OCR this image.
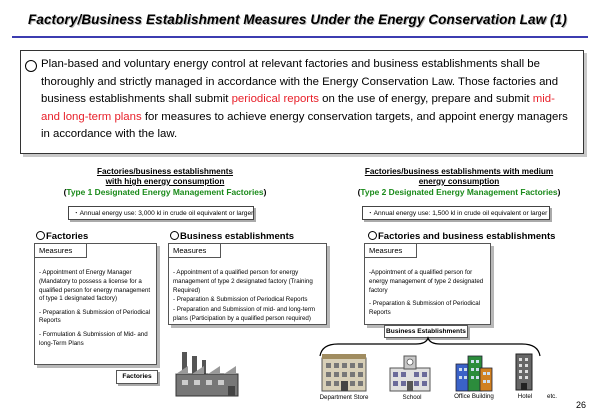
Factory/Business Establishment Measures Under the Energy Conservation Law (1)
Plan-based and voluntary energy control at relevant factories and business establishments shall be thoroughly and strictly managed in accordance with the Energy Conservation Law. Those factories and business establishments shall submit periodical reports on the use of energy, prepare and submit mid- and long-term plans for measures to achieve energy conservation targets, and appoint energy managers in accordance with the law.
Factories/business establishments
with high energy consumption
(Type 1 Designated Energy Management Factories)
・Annual energy use: 3,000 kl in crude oil equivalent or larger
Factories/business establishments with medium
energy consumption
(Type 2 Designated Energy Management Factories)
・Annual energy use: 1,500 kl in crude oil equivalent or larger
Factories
Measures

- Appointment of Energy Manager (Mandatory to possess a license for a qualified person for energy management of type 1 designated factory)

- Preparation & Submission of Periodical Reports

- Formulation & Submission of Mid- and long-Term Plans

Factories
Business establishments
Measures

- Appointment of a qualified person for energy management of type 2 designated factory (Training Required)

- Preparation & Submission of Periodical Reports

- Preparation and Submission of mid- and long-term plans (Participation by a qualified person required)

Factories and business establishments
Measures

-Appointment of a qualified person for energy management of type 2 designated factory

- Preparation & Submission of Periodical Reports

Business Establishments
Department Store	School	Office Building	Hotel	etc.
26
